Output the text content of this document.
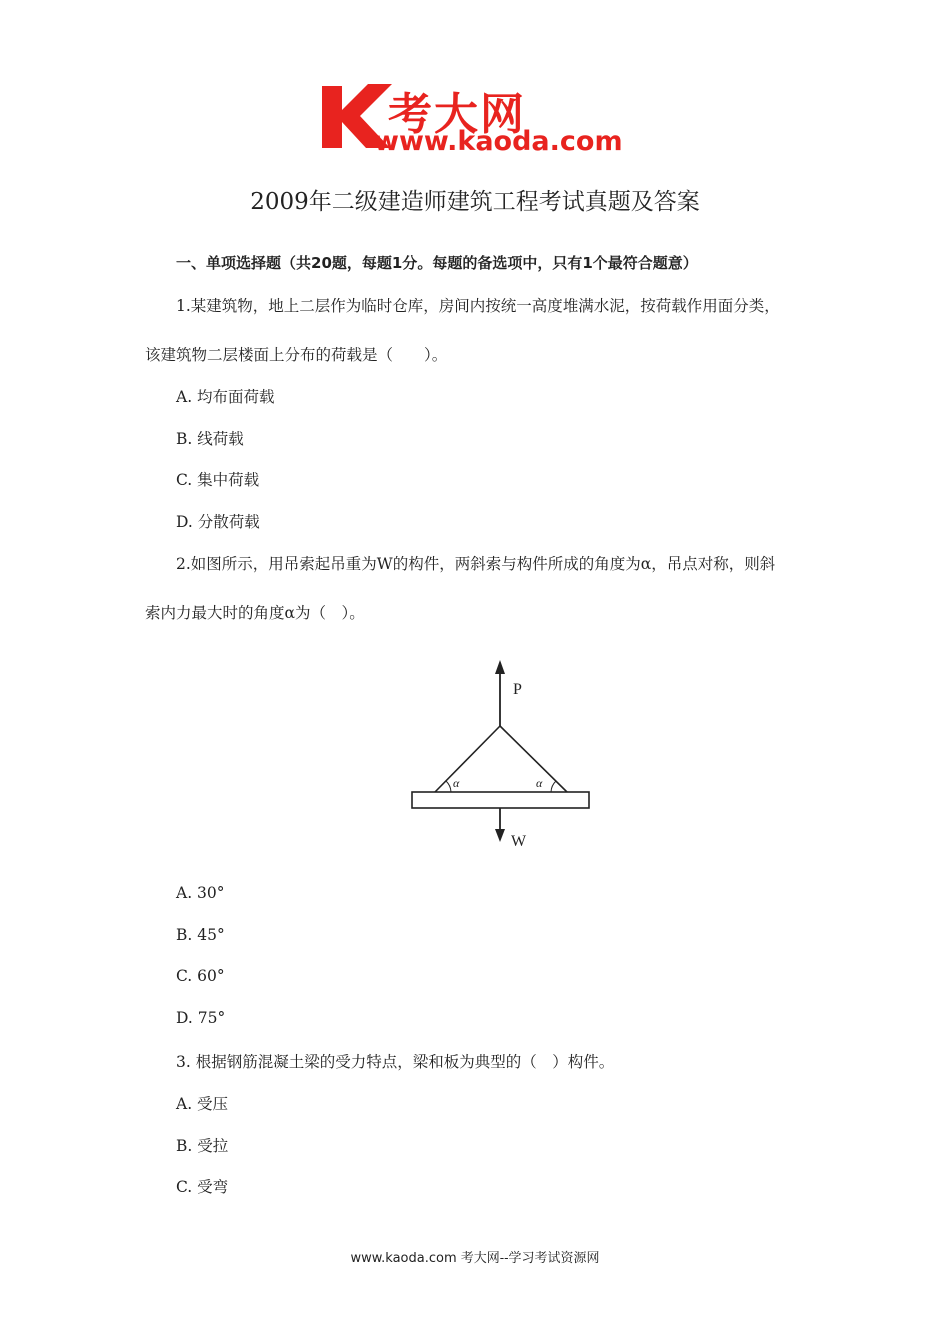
考大网
www.kaoda.com
2009年二级建造师建筑工程考试真题及答案
一、单项选择题（共20题，每题1分。每题的备选项中，只有1个最符合题意）
1.某建筑物，地上二层作为临时仓库，房间内按统一高度堆满水泥，按荷载作用面分类，
该建筑物二层楼面上分布的荷载是（　　）。
A. 均布面荷载
B. 线荷载
C. 集中荷载
D. 分散荷载
2.如图所示，用吊索起吊重为W的构件，两斜索与构件所成的角度为α，吊点对称，则斜
索内力最大时的角度α为（　）。
P
α	α
W
A. 30°
B. 45°
C. 60°
D. 75°
3. 根据钢筋混凝土梁的受力特点，梁和板为典型的（　）构件。
A. 受压
B. 受拉
C. 受弯
www.kaoda.com 考大网--学习考试资源网
